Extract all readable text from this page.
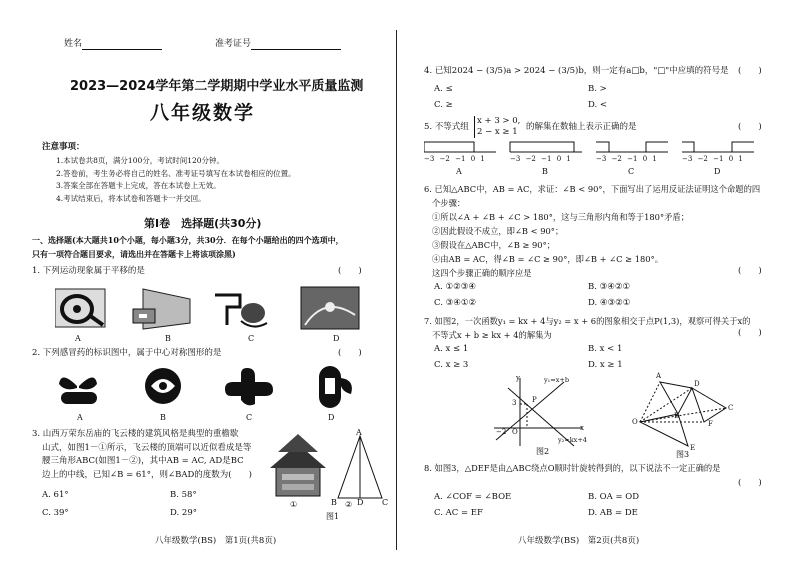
姓名	准考证号
2023—2024学年第二学期期中学业水平质量监测
八年级数学
注意事项：
1.本试卷共8页，满分100分，考试时间120分钟。
2.答卷前，考生务必将自己的姓名、准考证号填写在本试卷相应的位置。
3.答案全部在答题卡上完成，答在本试卷上无效。
4.考试结束后，将本试卷和答题卡一并交回。
第Ⅰ卷　选择题(共30分)
一、选择题(本大题共10个小题，每小题3分，共30分．在每个小题给出的四个选项中，
只有一项符合题目要求，请选出并在答题卡上将该项涂黑)
1. 下列运动现象属于平移的是	(　　)
A	B	C	D
2. 下列感冒药的标识图中，属于中心对称图形的是	(　　)
A	B	C	D
3. 山西万荣东岳庙的飞云楼的建筑风格是典型的重檐歇
山式，如图1－①所示，飞云楼的顶端可以近似看成是等
腰三角形ABC(如图1－②)，其中AB = AC, AD是BC
边上的中线，已知∠B = 61°，则∠BAD的度数为(　　)
A. 61°	B. 58°
C. 39°	D. 29°
①
A
B	D C
②
图1
八年级数学(BS)　第1页(共8页)
4. 已知2024 − (3/5)a > 2024 − (3/5)b，则一定有a□b，"□"中应填的符号是	(　　)
A. ≤	B. >
C. ≥	D. <
5. 不等式组
x + 3 > 0,
2 − x ≥ 1 的解集在数轴上表示正确的是	(　　)
−3 −2 −1 0 1	−3 −2 −1 0 1	−3 −2 −1 0 1	−3 −2 −1 0 1
A	B	C	D
6. 已知△ABC中，AB = AC，求证：∠B < 90°，下面写出了运用反证法证明这个命题的四
个步骤：
①所以∠A + ∠B + ∠C > 180°，这与三角形内角和等于180°矛盾；
②因此假设不成立，即∠B < 90°；
③假设在△ABC中，∠B ≥ 90°；
④由AB = AC，得∠B = ∠C ≥ 90°，即∠B + ∠C ≥ 180°。
这四个步骤正确的顺序应是	(　　)
A. ①②③④	B. ③④②①
C. ③④①②	D. ④③②①
7. 如图2，一次函数y₁ = kx + 4与y₂ = x + 6的图象相交于点P(1,3)，观察可得关于x的
不等式x + b ≥ kx + 4的解集为	(　　)
A. x ≤ 1	B. x < 1
C. x ≥ 3	D. x ≥ 1
y
x
O
−2
P
3
y₁=x+b
y₂=kx+4
图2
A
D
B
O
C
F
E
图3
8. 如图3，△DEF是由△ABC绕点O顺时针旋转得到的，以下说法不一定正确的是
(　　)
A. ∠COF = ∠BOE	B. OA = OD
C. AC = EF	D. AB = DE
八年级数学(BS)　第2页(共8页)
